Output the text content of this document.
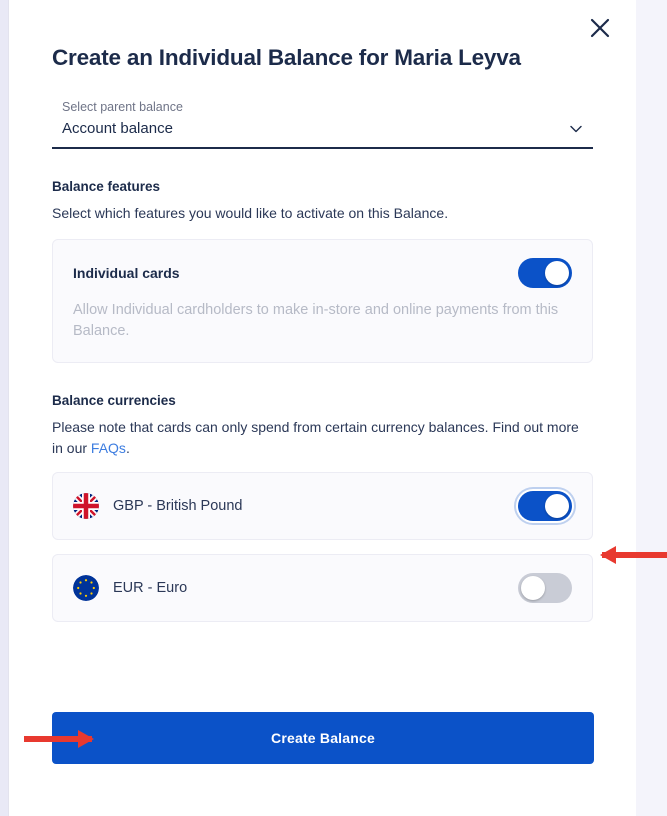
Create an Individual Balance for Maria Leyva
Select parent balance
Account balance
Balance features

Select which features you would like to activate on this Balance.

Individual cards

Allow Individual cardholders to make in-store and online payments from this Balance.

Balance currencies

Please note that cards can only spend from certain currency balances. Find out more in our FAQs.

GBP - British Pound
EUR - Euro
Create Balance
